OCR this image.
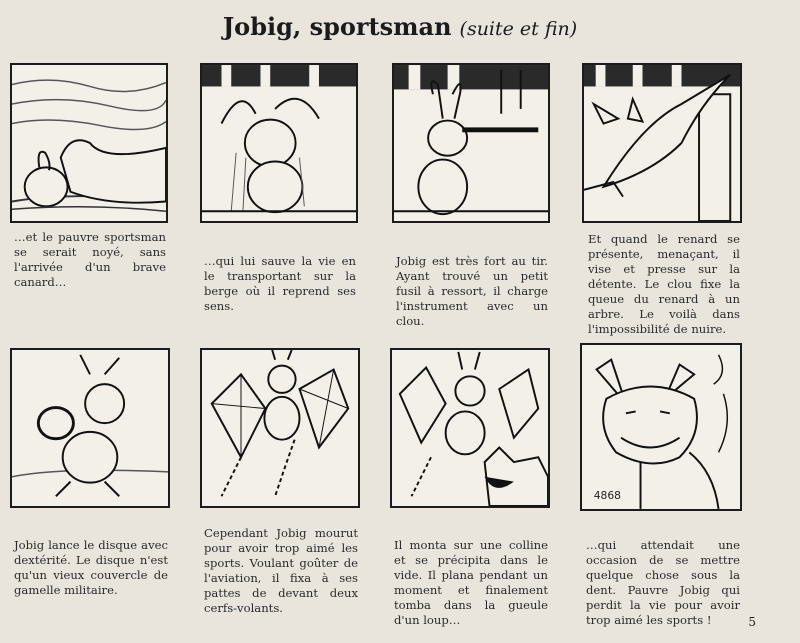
Jobig, sportsman (suite et fin)
…et le pauvre sportsman se serait noyé, sans l'arrivée d'un brave canard…
…qui lui sauve la vie en le transportant sur la berge où il reprend ses sens.
Jobig est très fort au tir. Ayant trouvé un petit fusil à ressort, il charge l'instrument avec un clou.
Et quand le renard se présente, menaçant, il vise et presse sur la détente. Le clou fixe la queue du renard à un arbre. Le voilà dans l'impossibilité de nuire.
Jobig lance le disque avec dextérité. Le disque n'est qu'un vieux couvercle de gamelle militaire.
Cependant Jobig mourut pour avoir trop aimé les sports. Voulant goûter de l'aviation, il fixa à ses pattes de devant deux cerfs-volants.
Il monta sur une colline et se précipita dans le vide. Il plana pendant un moment et finalement tomba dans la gueule d'un loup…
4868
…qui attendait une occasion de se mettre quelque chose sous la dent. Pauvre Jobig qui perdit la vie pour avoir trop aimé les sports !	5
